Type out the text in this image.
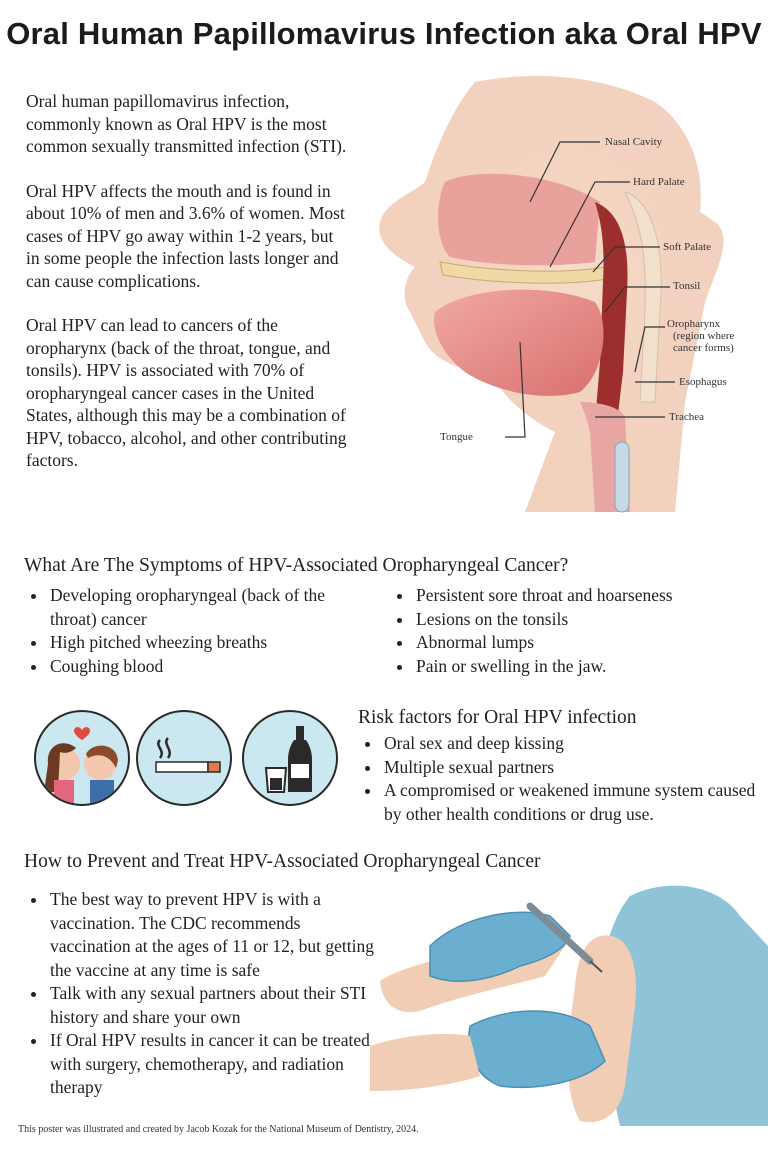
Oral Human Papillomavirus Infection aka Oral HPV

Oral human papillomavirus infection, commonly known as Oral HPV is the most common sexually transmitted infection (STI).

Oral HPV affects the mouth and is found in about 10% of men and 3.6% of women. Most cases of HPV go away within 1-2 years, but in some people the infection lasts longer and can cause complications.

Oral HPV can lead to cancers of the oropharynx (back of the throat, tongue, and tonsils). HPV is associated with 70% of oropharyngeal cancer cases in the United States, although this may be a combination of HPV, tobacco, alcohol, and other contributing factors.

Nasal Cavity
Hard Palate
Soft Palate
Tonsil
Oropharynx
(region where
cancer forms)
Esophagus
Trachea
Tongue
What Are The Symptoms of HPV-Associated Oropharyngeal Cancer?
• Developing oropharyngeal (back of the throat) cancer
• High pitched wheezing breaths
• Coughing blood
• Persistent sore throat and hoarseness
• Lesions on the tonsils
• Abnormal lumps
• Pain or swelling in the jaw.
Risk factors for Oral HPV infection
• Oral sex and deep kissing
• Multiple sexual partners
• A compromised or weakened immune system caused by other health conditions or drug use.
How to Prevent and Treat HPV-Associated Oropharyngeal Cancer
• The best way to prevent HPV is with a vaccination. The CDC recommends vaccination at the ages of 11 or 12, but getting the vaccine at any time is safe
• Talk with any sexual partners about their STI history and share your own
• If Oral HPV results in cancer it can be treated with surgery, chemotherapy, and radiation therapy
This poster was illustrated and created by Jacob Kozak for the National Museum of Dentistry, 2024.
